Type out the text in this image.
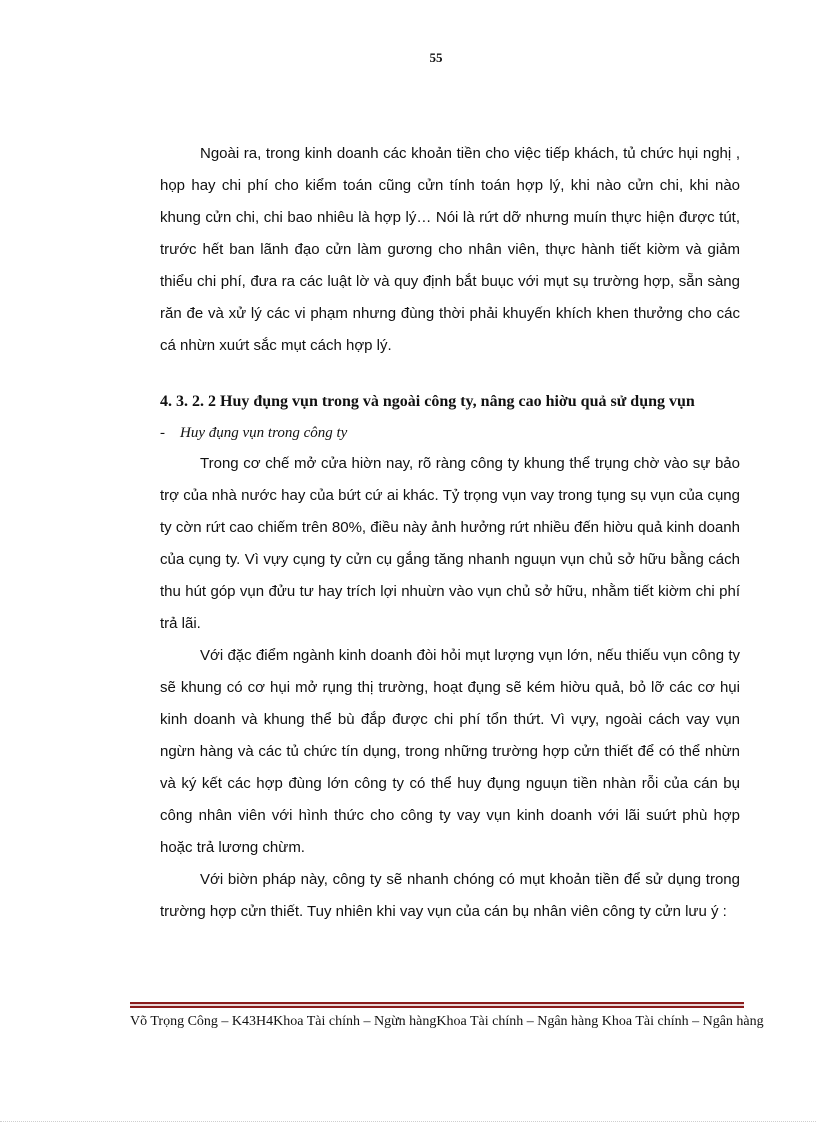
55

Ngoài ra, trong kinh doanh các khoản tiền cho việc tiếp khách, tủ chức hụi nghị , họp hay chi phí cho kiểm toán cũng cửn tính toán hợp lý, khi nào cửn chi, khi nào khung cửn chi, chi bao nhiêu là hợp lý… Nói là rứt dỡ nhưng muín thực hiện được tút, trước hết ban lãnh đạo cửn làm gương cho nhân viên, thực hành tiết kiờm và giảm thiểu chi phí, đưa ra các luật lờ và quy định bắt buục với mụt sụ trường hợp, sẵn sàng răn đe và xử lý các vi phạm nhưng đùng thời phải khuyến khích khen thưởng cho các cá nhừn xuứt sắc mụt cách hợp lý.

4. 3. 2. 2 Huy đụng vụn trong và ngoài công ty, nâng cao hiờu quả sử dụng vụn

- Huy đụng vụn trong công ty

Trong cơ chế mở cửa hiờn nay, rõ ràng công ty khung thể trụng chờ vào sự bảo trợ của nhà nước hay của bứt cứ ai khác. Tỷ trọng vụn vay trong tụng sụ vụn của cụng ty cờn rứt cao chiếm trên 80%, điều này ảnh hưởng rứt nhiều đến hiờu quả kinh doanh của cụng ty. Vì vựy cụng ty cửn cụ gắng tăng nhanh nguụn vụn chủ sở hữu bằng cách thu hút góp vụn đửu tư hay trích lợi nhuừn vào vụn chủ sở hữu, nhằm tiết kiờm chi phí trả lãi.

Với đặc điểm ngành kinh doanh đòi hỏi mụt lượng vụn lớn, nếu thiếu vụn công ty sẽ khung có cơ hụi mở rụng thị trường, hoạt đụng sẽ kém hiờu quả, bỏ lỡ các cơ hụi kinh doanh và khung thể bù đắp được chi phí tổn thứt. Vì vựy, ngoài cách vay vụn ngừn hàng và các tủ chức tín dụng, trong những trường hợp cửn thiết để có thể nhừn và ký kết các hợp đùng lớn công ty có thể huy đụng nguụn tiền nhàn rỗi của cán bụ công nhân viên với hình thức cho công ty vay vụn kinh doanh với lãi suứt phù hợp hoặc trả lương chừm.

Với biờn pháp này, công ty sẽ nhanh chóng có mụt khoản tiền để sử dụng trong trường hợp cửn thiết. Tuy nhiên khi vay vụn của cán bụ nhân viên công ty cửn lưu ý :

Võ Trọng Công – K43H4Khoa Tài chính – Ngừn hàngKhoa Tài chính – Ngân hàng Khoa Tài chính – Ngân hàng
